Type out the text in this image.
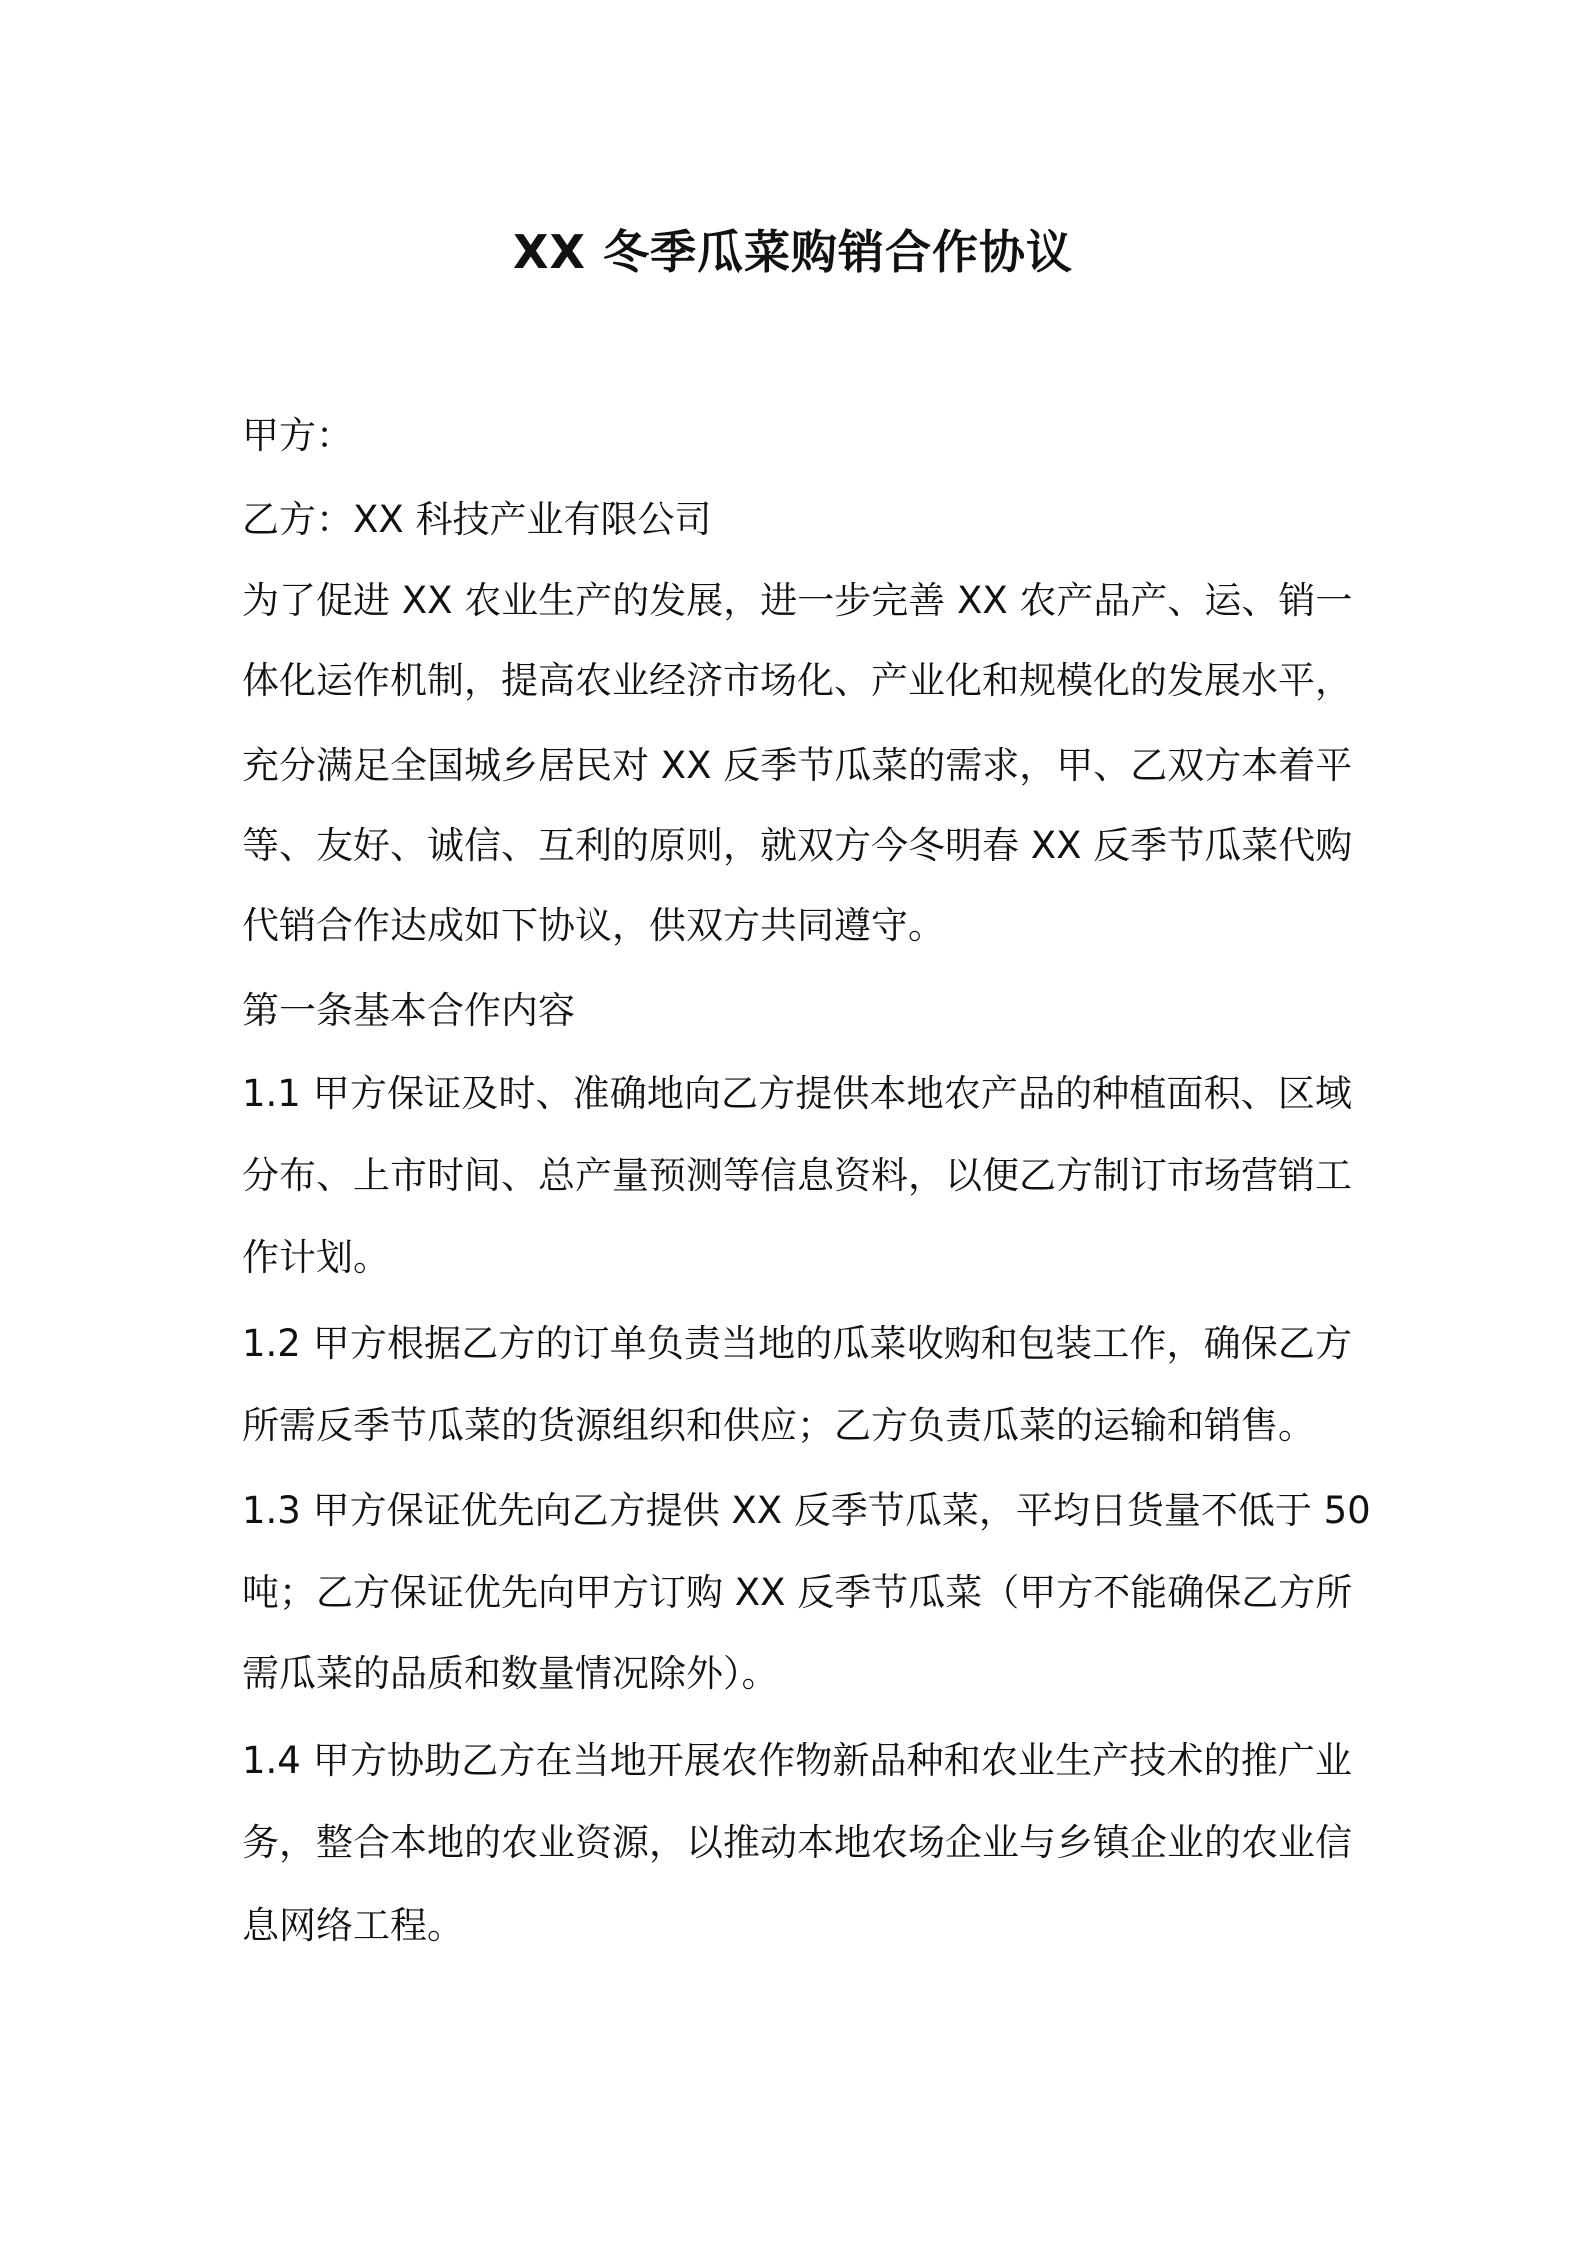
XX 冬季瓜菜购销合作协议
甲方：
乙方：XX 科技产业有限公司
为了促进 XX 农业生产的发展，进一步完善 XX 农产品产、运、销一
体化运作机制，提高农业经济市场化、产业化和规模化的发展水平，
充分满足全国城乡居民对 XX 反季节瓜菜的需求，甲、乙双方本着平
等、友好、诚信、互利的原则，就双方今冬明春 XX 反季节瓜菜代购
代销合作达成如下协议，供双方共同遵守。
第一条基本合作内容
1.1 甲方保证及时、准确地向乙方提供本地农产品的种植面积、区域
分布、上市时间、总产量预测等信息资料，以便乙方制订市场营销工
作计划。
1.2 甲方根据乙方的订单负责当地的瓜菜收购和包装工作，确保乙方
所需反季节瓜菜的货源组织和供应；乙方负责瓜菜的运输和销售。
1.3 甲方保证优先向乙方提供 XX 反季节瓜菜，平均日货量不低于 50
吨；乙方保证优先向甲方订购 XX 反季节瓜菜（甲方不能确保乙方所
需瓜菜的品质和数量情况除外）。
1.4 甲方协助乙方在当地开展农作物新品种和农业生产技术的推广业
务，整合本地的农业资源，以推动本地农场企业与乡镇企业的农业信
息网络工程。
